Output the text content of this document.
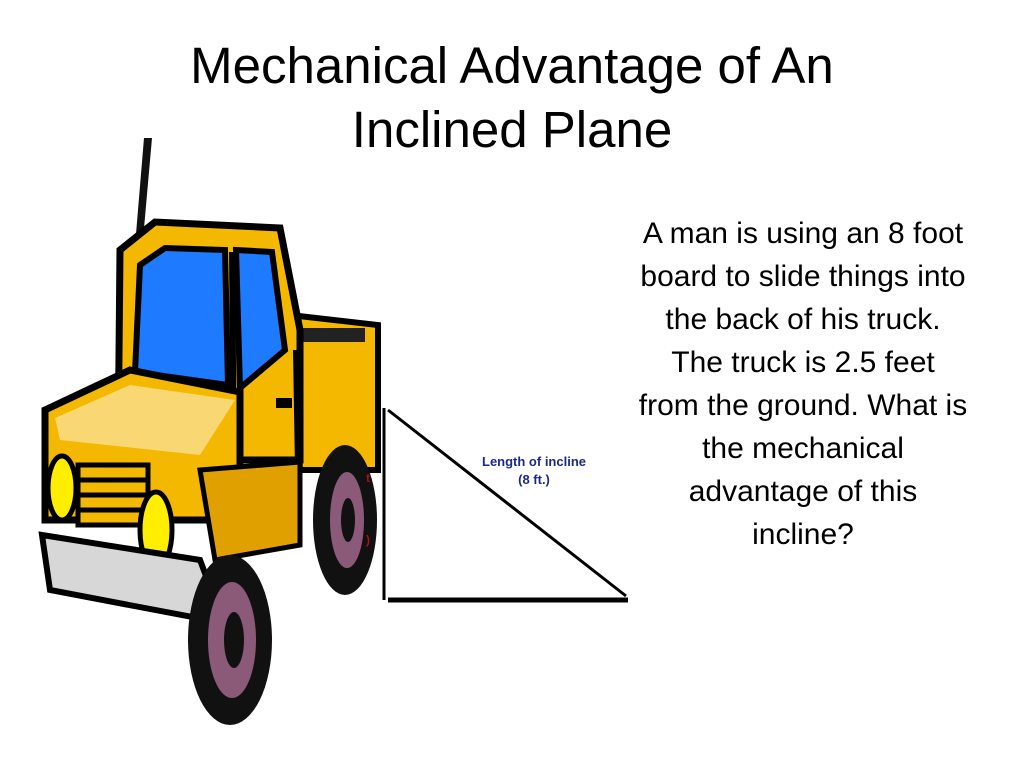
Mechanical Advantage of An
Inclined Plane
Length of incline
(8 ft.)
t
)

A man is using an 8 foot board to slide things into the back of his truck. The truck is 2.5 feet from the ground. What is the mechanical advantage of this incline?
